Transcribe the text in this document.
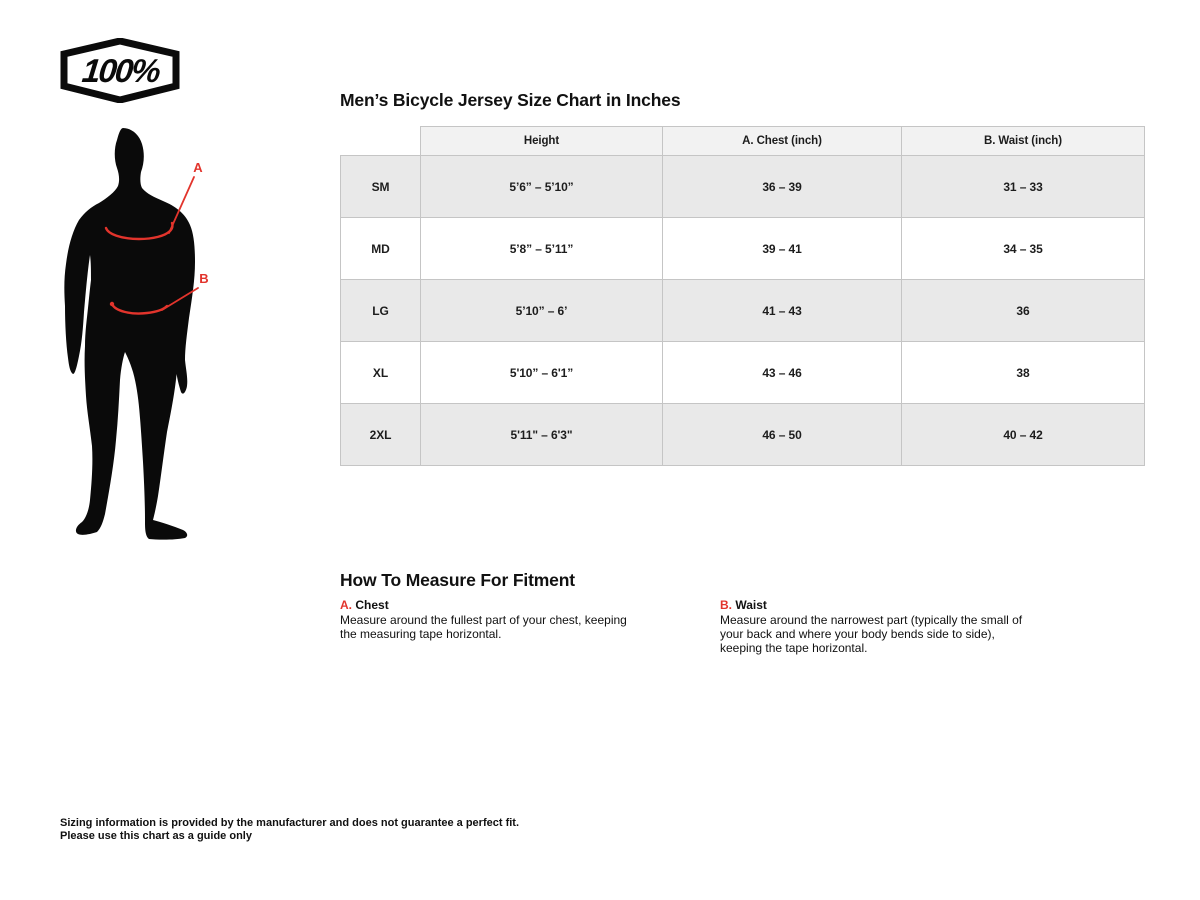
100%
A
B
Men’s Bicycle Jersey Size Chart in Inches
	Height	A. Chest (inch)	B. Waist (inch)
SM	5’6” – 5’10”	36 – 39	31 – 33
MD	5’8” – 5’11”	39 – 41	34 – 35
LG	5’10” – 6’	41 – 43	36
XL	5'10” – 6'1”	43 – 46	38
2XL	5'11" – 6'3"	46 – 50	40 – 42
How To Measure For Fitment
A. Chest
Measure around the fullest part of your chest, keeping the measuring tape horizontal.
B. Waist
Measure around the narrowest part (typically the small of your back and where your body bends side to side), keeping the tape horizontal.
Sizing information is provided by the manufacturer and does not guarantee a perfect fit.
Please use this chart as a guide only
